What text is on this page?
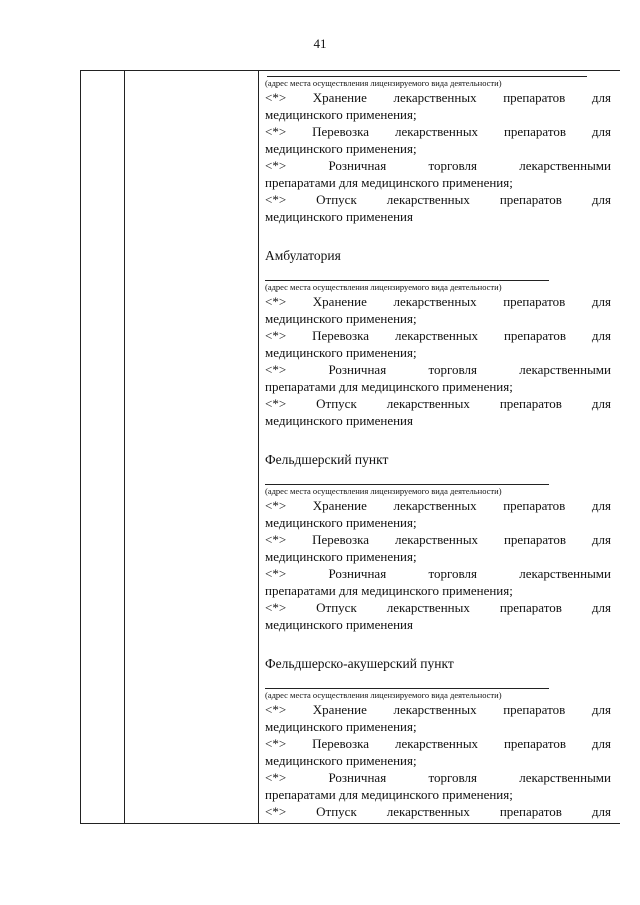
41
(адрес места осуществления лицензируемого вида деятельности)
<*> Хранение лекарственных препаратов для
медицинского применения;
<*> Перевозка лекарственных препаратов для
медицинского применения;
<*>	Розничная	торговля	лекарственными
препаратами для медицинского применения;
<*> Отпуск лекарственных препаратов для
медицинского применения
Амбулатория
(адрес места осуществления лицензируемого вида деятельности)
<*> Хранение лекарственных препаратов для
медицинского применения;
<*> Перевозка лекарственных препаратов для
медицинского применения;
<*>	Розничная	торговля	лекарственными
препаратами для медицинского применения;
<*> Отпуск лекарственных препаратов для
медицинского применения
Фельдшерский пункт
(адрес места осуществления лицензируемого вида деятельности)
<*> Хранение лекарственных препаратов для
медицинского применения;
<*> Перевозка лекарственных препаратов для
медицинского применения;
<*>	Розничная	торговля	лекарственными
препаратами для медицинского применения;
<*> Отпуск лекарственных препаратов для
медицинского применения
Фельдшерско-акушерский пункт
(адрес места осуществления лицензируемого вида деятельности)
<*> Хранение лекарственных препаратов для
медицинского применения;
<*> Перевозка лекарственных препаратов для
медицинского применения;
<*>	Розничная	торговля	лекарственными
препаратами для медицинского применения;
<*> Отпуск лекарственных препаратов для
